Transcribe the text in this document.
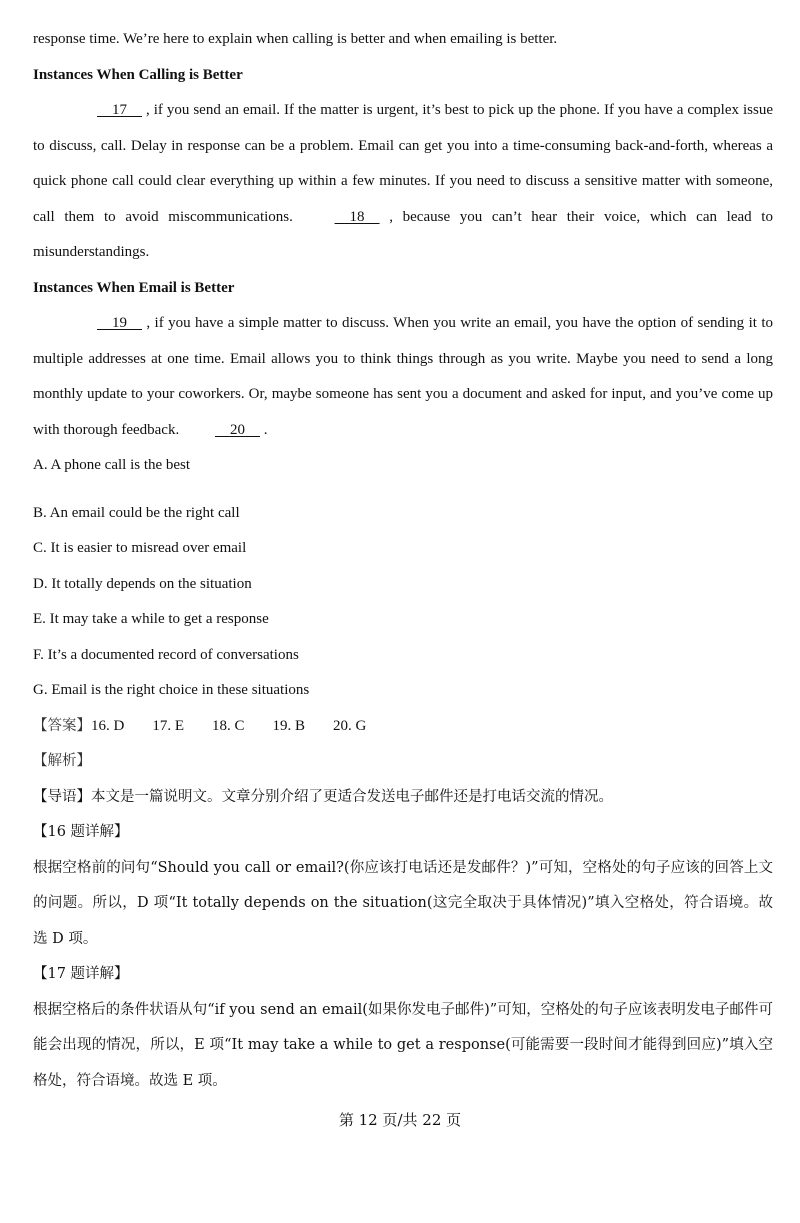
response time. We’re here to explain when calling is better and when emailing is better.

Instances When Calling is Better

17     , if you send an email. If the matter is urgent, it’s best to pick up the phone. If you have a complex issue to discuss, call. Delay in response can be a problem. Email can get you into a time-consuming back-and-forth, whereas a quick phone call could clear everything up within a few minutes. If you need to discuss a sensitive matter with someone, call them to avoid miscommunications.	18     , because you can’t hear their voice, which can lead to misunderstandings.

Instances When Email is Better

19     , if you have a simple matter to discuss. When you write an email, you have the option of sending it to multiple addresses at one time. Email allows you to think things through as you write. Maybe you need to send a long monthly update to your coworkers. Or, maybe someone has sent you a document and asked for input, and you’ve come up with thorough feedback.	20     .

A. A phone call is the best

B. An email could be the right call

C. It is easier to misread over email

D. It totally depends on the situation

E. It may take a while to get a response

F. It’s a documented record of conversations

G. Email is the right choice in these situations

【答案】16. D 17. E 18. C 19. B 20. G

【解析】

【导语】本文是一篇说明文。文章分别介绍了更适合发送电子邮件还是打电话交流的情况。

【16 题详解】

根据空格前的问句“Should you call or email?(你应该打电话还是发邮件？)”可知，空格处的句子应该的回答上文的问题。所以，D 项“It totally depends on the situation(这完全取决于具体情况)”填入空格处，符合语境。故选 D 项。

【17 题详解】

根据空格后的条件状语从句“if you send an email(如果你发电子邮件)”可知，空格处的句子应该表明发电子邮件可能会出现的情况，所以，E 项“It may take a while to get a response(可能需要一段时间才能得到回应)”填入空格处，符合语境。故选 E 项。

第 12 页/共 22 页
